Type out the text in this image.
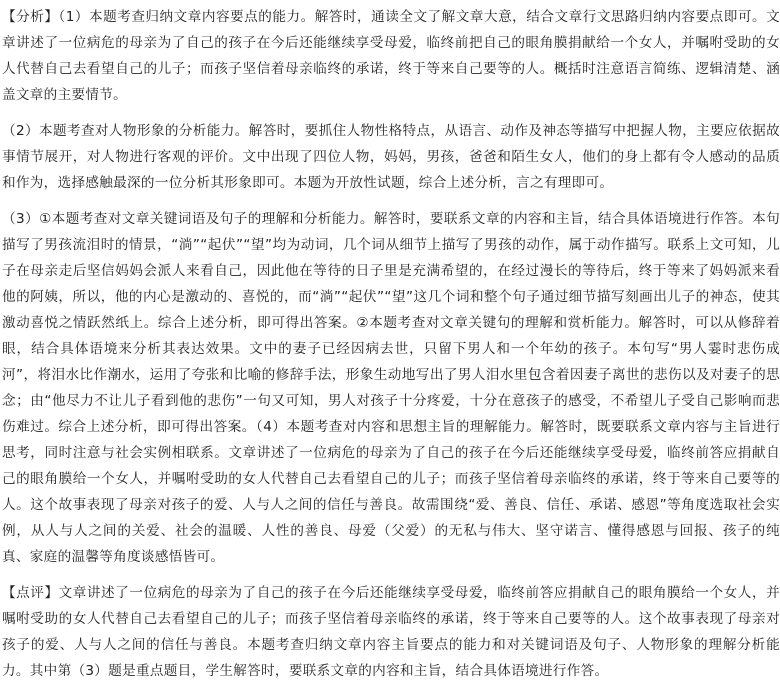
【分析】（1）本题考查归纳文章内容要点的能力。解答时，通读全文了解文章大意，结合文章行文思路归纳内容要点即可。文章讲述了一位病危的母亲为了自己的孩子在今后还能继续享受母爱，临终前把自己的眼角膜捐献给一个女人，并嘱咐受助的女人代替自己去看望自己的儿子；而孩子坚信着母亲临终的承诺，终于等来自己要等的人。概括时注意语言简练、逻辑清楚、涵盖文章的主要情节。

（2）本题考查对人物形象的分析能力。解答时，要抓住人物性格特点，从语言、动作及神态等描写中把握人物，主要应依据故事情节展开，对人物进行客观的评价。文中出现了四位人物，妈妈，男孩，爸爸和陌生女人，他们的身上都有令人感动的品质和作为，选择感触最深的一位分析其形象即可。本题为开放性试题，综合上述分析，言之有理即可。

（3）①本题考查对文章关键词语及句子的理解和分析能力。解答时，要联系文章的内容和主旨，结合具体语境进行作答。本句描写了男孩流泪时的情景，“淌”“起伏”“望”均为动词，几个词从细节上描写了男孩的动作，属于动作描写。联系上文可知，儿子在母亲走后坚信妈妈会派人来看自己，因此他在等待的日子里是充满希望的，在经过漫长的等待后，终于等来了妈妈派来看他的阿姨，所以，他的内心是激动的、喜悦的，而“淌”“起伏”“望”这几个词和整个句子通过细节描写刻画出儿子的神态，使其激动喜悦之情跃然纸上。综合上述分析，即可得出答案。②本题考查对文章关键句的理解和赏析能力。解答时，可以从修辞着眼，结合具体语境来分析其表达效果。文中的妻子已经因病去世，只留下男人和一个年幼的孩子。本句写“男人霎时悲伤成河”，将泪水比作潮水，运用了夸张和比喻的修辞手法，形象生动地写出了男人泪水里包含着因妻子离世的悲伤以及对妻子的思念；由“他尽力不让儿子看到他的悲伤”一句又可知，男人对孩子十分疼爱，十分在意孩子的感受，不希望儿子受自己影响而悲伤难过。综合上述分析，即可得出答案。（4）本题考查对内容和思想主旨的理解能力。解答时，既要联系文章内容与主旨进行思考，同时注意与社会实例相联系。文章讲述了一位病危的母亲为了自己的孩子在今后还能继续享受母爱，临终前答应捐献自己的眼角膜给一个女人，并嘱咐受助的女人代替自己去看望自己的儿子；而孩子坚信着母亲临终的承诺，终于等来自己要等的人。这个故事表现了母亲对孩子的爱、人与人之间的信任与善良。故需围绕“爱、善良、信任、承诺、感恩”等角度选取社会实例，从人与人之间的关爱、社会的温暖、人性的善良、母爱（父爱）的无私与伟大、坚守诺言、懂得感恩与回报、孩子的纯真、家庭的温馨等角度谈感悟皆可。

【点评】文章讲述了一位病危的母亲为了自己的孩子在今后还能继续享受母爱，临终前答应捐献自己的眼角膜给一个女人，并嘱咐受助的女人代替自己去看望自己的儿子；而孩子坚信着母亲临终的承诺，终于等来自己要等的人。这个故事表现了母亲对孩子的爱、人与人之间的信任与善良。本题考查归纳文章内容主旨要点的能力和对关键词语及句子、人物形象的理解分析能力。其中第（3）题是重点题目，学生解答时，要联系文章的内容和主旨，结合具体语境进行作答。
